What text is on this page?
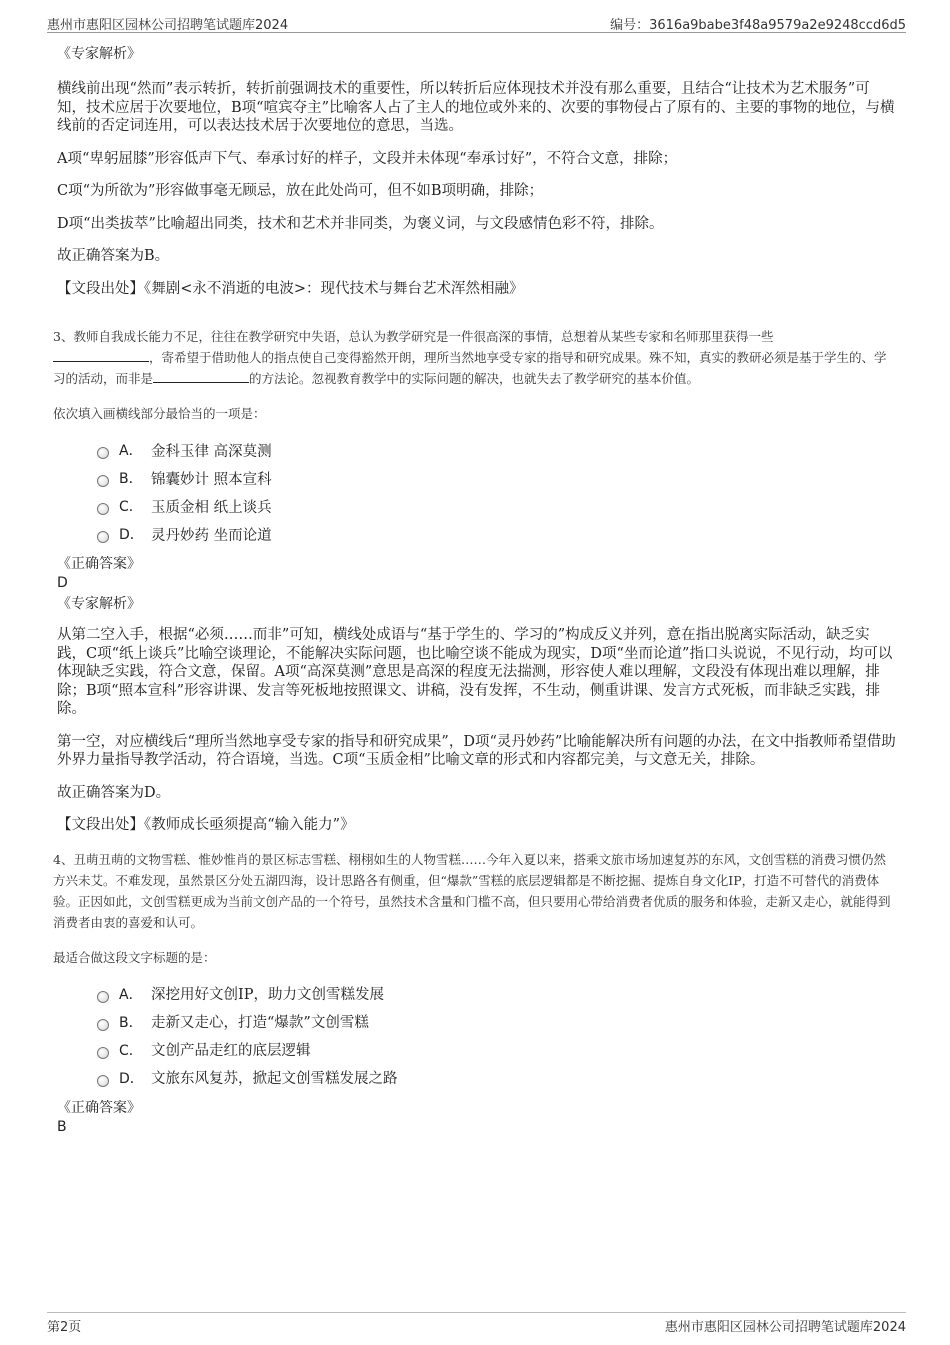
惠州市惠阳区园林公司招聘笔试题库2024	编号：3616a9babe3f48a9579a2e9248ccd6d5

《专家解析》

横线前出现“然而”表示转折，转折前强调技术的重要性，所以转折后应体现技术并没有那么重要，且结合“让技术为艺术服务”可知，技术应居于次要地位，B项“喧宾夺主”比喻客人占了主人的地位或外来的、次要的事物侵占了原有的、主要的事物的地位，与横线前的否定词连用，可以表达技术居于次要地位的意思，当选。

A项“卑躬屈膝”形容低声下气、奉承讨好的样子，文段并未体现“奉承讨好”，不符合文意，排除；

C项“为所欲为”形容做事毫无顾忌，放在此处尚可，但不如B项明确，排除；

D项“出类拔萃”比喻超出同类，技术和艺术并非同类，为褒义词，与文段感情色彩不符，排除。

故正确答案为B。

【文段出处】《舞剧<永不消逝的电波>：现代技术与舞台艺术浑然相融》

3、教师自我成长能力不足，往往在教学研究中失语，总认为教学研究是一件很高深的事情，总想着从某些专家和名师那里获得一些
，寄希望于借助他人的指点使自己变得豁然开朗，理所当然地享受专家的指导和研究成果。殊不知，真实的教研必须是基于学生的、学习的活动，而非是	的方法论。忽视教育教学中的实际问题的解决，也就失去了教学研究的基本价值。

依次填入画横线部分最恰当的一项是：

A． 金科玉律 高深莫测
B． 锦囊妙计 照本宣科
C． 玉质金相 纸上谈兵
D． 灵丹妙药 坐而论道

《正确答案》

D

《专家解析》

从第二空入手，根据“必须……而非”可知，横线处成语与“基于学生的、学习的”构成反义并列，意在指出脱离实际活动，缺乏实践，C项“纸上谈兵”比喻空谈理论，不能解决实际问题，也比喻空谈不能成为现实，D项“坐而论道”指口头说说，不见行动，均可以体现缺乏实践，符合文意，保留。A项“高深莫测”意思是高深的程度无法揣测，形容使人难以理解，文段没有体现出难以理解，排除；B项“照本宣科”形容讲课、发言等死板地按照课文、讲稿，没有发挥，不生动，侧重讲课、发言方式死板，而非缺乏实践，排除。

第一空，对应横线后“理所当然地享受专家的指导和研究成果”，D项“灵丹妙药”比喻能解决所有问题的办法，在文中指教师希望借助外界力量指导教学活动，符合语境，当选。C项“玉质金相”比喻文章的形式和内容都完美，与文意无关，排除。

故正确答案为D。

【文段出处】《教师成长亟须提高“输入能力”》

4、丑萌丑萌的文物雪糕、惟妙惟肖的景区标志雪糕、栩栩如生的人物雪糕……今年入夏以来，搭乘文旅市场加速复苏的东风，文创雪糕的消费习惯仍然方兴未艾。不难发现，虽然景区分处五湖四海，设计思路各有侧重，但“爆款”雪糕的底层逻辑都是不断挖掘、提炼自身文化IP，打造不可替代的消费体验。正因如此，文创雪糕更成为当前文创产品的一个符号，虽然技术含量和门槛不高，但只要用心带给消费者优质的服务和体验，走新又走心，就能得到消费者由衷的喜爱和认可。

最适合做这段文字标题的是：

A． 深挖用好文创IP，助力文创雪糕发展
B． 走新又走心，打造“爆款”文创雪糕
C． 文创产品走红的底层逻辑
D． 文旅东风复苏，掀起文创雪糕发展之路

《正确答案》

B

第2页	惠州市惠阳区园林公司招聘笔试题库2024
